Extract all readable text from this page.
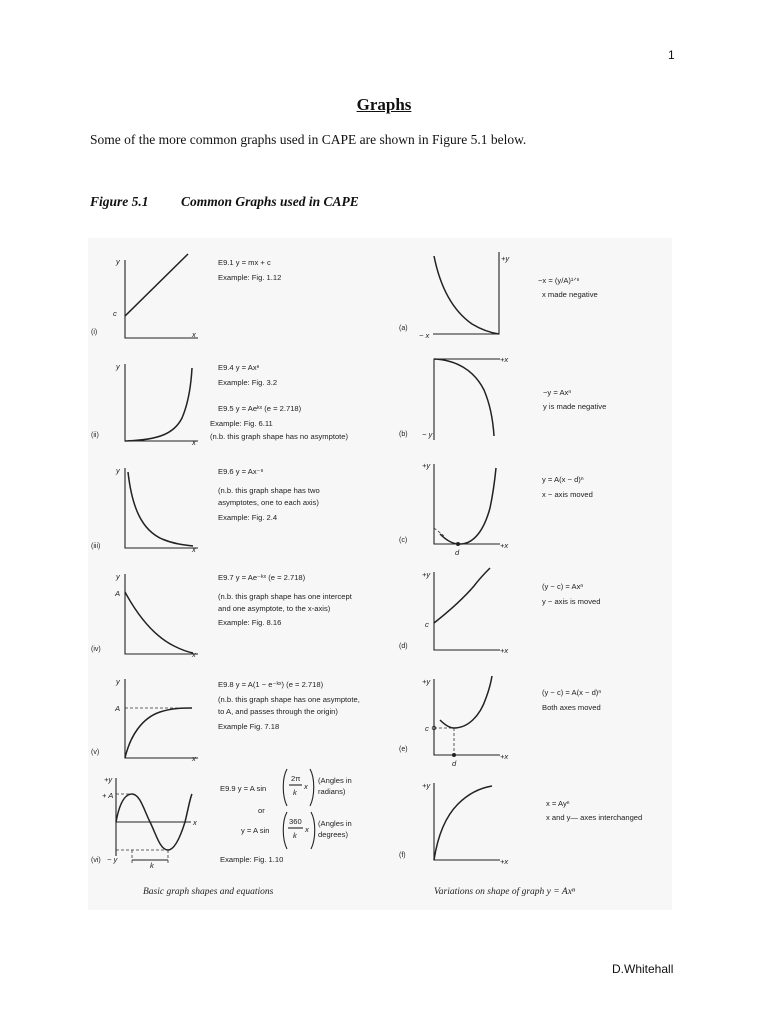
1
Graphs
Some of the more common graphs used in CAPE are shown in Figure 5.1 below.
Figure 5.1 Common Graphs used in CAPE
y
c
x
(i)
E9.1 y = mx + c
Example: Fig. 1.12
y
x
(ii)
E9.4 y = Axⁿ
Example: Fig. 3.2
E9.5 y = Aeᵏˣ (e = 2.718)
Example: Fig. 6.11
(n.b. this graph shape has no asymptote)
y
x
(iii)
E9.6 y = Ax⁻ⁿ
(n.b. this graph shape has two
asymptotes, one to each axis)
Example: Fig. 2.4
y
A
x
(iv)
E9.7 y = Ae⁻ᵏˣ (e = 2.718)
(n.b. this graph shape has one intercept
and one asymptote, to the x-axis)
Example: Fig. 8.16
y
A
x
(v)
E9.8 y = A(1 − e⁻ᵏˣ) (e = 2.718)
(n.b. this graph shape has one asymptote,
to A, and passes through the origin)
Example Fig. 7.18
k
+y
+ A
x
(vi) − y
E9.9 y = A sin
2π
k
x
(Angles in
radians)
or
y = A sin
360
k
x
(Angles in
degrees)
Example: Fig. 1.10
Basic graph shapes and equations
+y
− x
(a)
−x = (y/A)¹ᐟⁿ
x made negative
+x
− y
(b)
−y = Axⁿ
y is made negative
+y
+x
d
(c)
y = A(x − d)ⁿ
x − axis moved
+y
c
+x
(d)
(y − c) = Axⁿ
y − axis is moved
+y
c
+x
d
(e)
(y − c) = A(x − d)ⁿ
Both axes moved
+y
+x
(f)
x = Ayⁿ
x and y— axes interchanged
Variations on shape of graph y = Axⁿ
D.Whitehall
